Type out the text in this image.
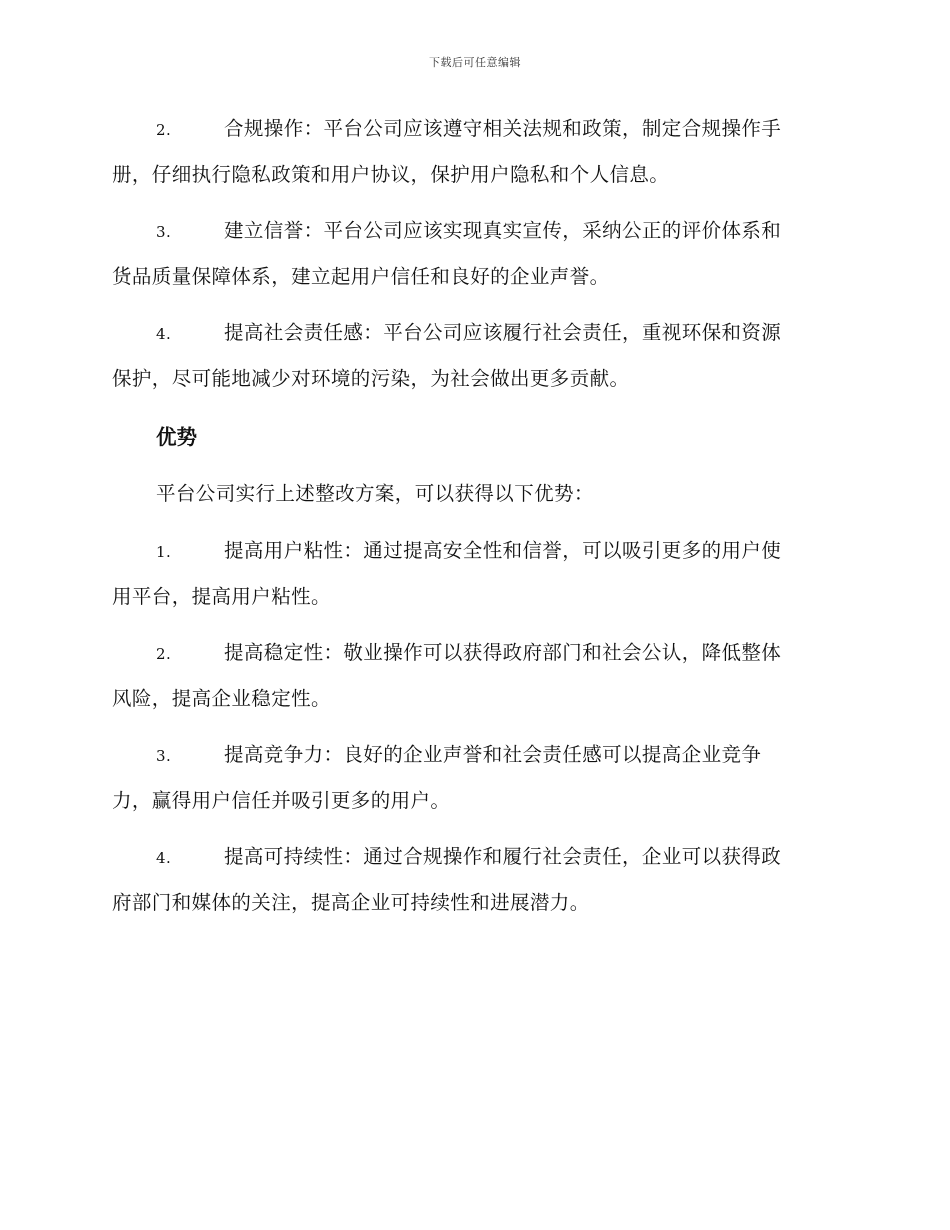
下载后可任意编辑
2.	合规操作：平台公司应该遵守相关法规和政策，制定合规操作手
册，仔细执行隐私政策和用户协议，保护用户隐私和个人信息。
3.	建立信誉：平台公司应该实现真实宣传，采纳公正的评价体系和
货品质量保障体系，建立起用户信任和良好的企业声誉。
4.	提高社会责任感：平台公司应该履行社会责任，重视环保和资源
保护，尽可能地减少对环境的污染，为社会做出更多贡献。
优势
平台公司实行上述整改方案，可以获得以下优势：
1.	提高用户粘性：通过提高安全性和信誉，可以吸引更多的用户使
用平台，提高用户粘性。
2.	提高稳定性：敬业操作可以获得政府部门和社会公认，降低整体
风险，提高企业稳定性。
3.	提高竞争力：良好的企业声誉和社会责任感可以提高企业竞争
力，赢得用户信任并吸引更多的用户。
4.	提高可持续性：通过合规操作和履行社会责任，企业可以获得政
府部门和媒体的关注，提高企业可持续性和进展潜力。
